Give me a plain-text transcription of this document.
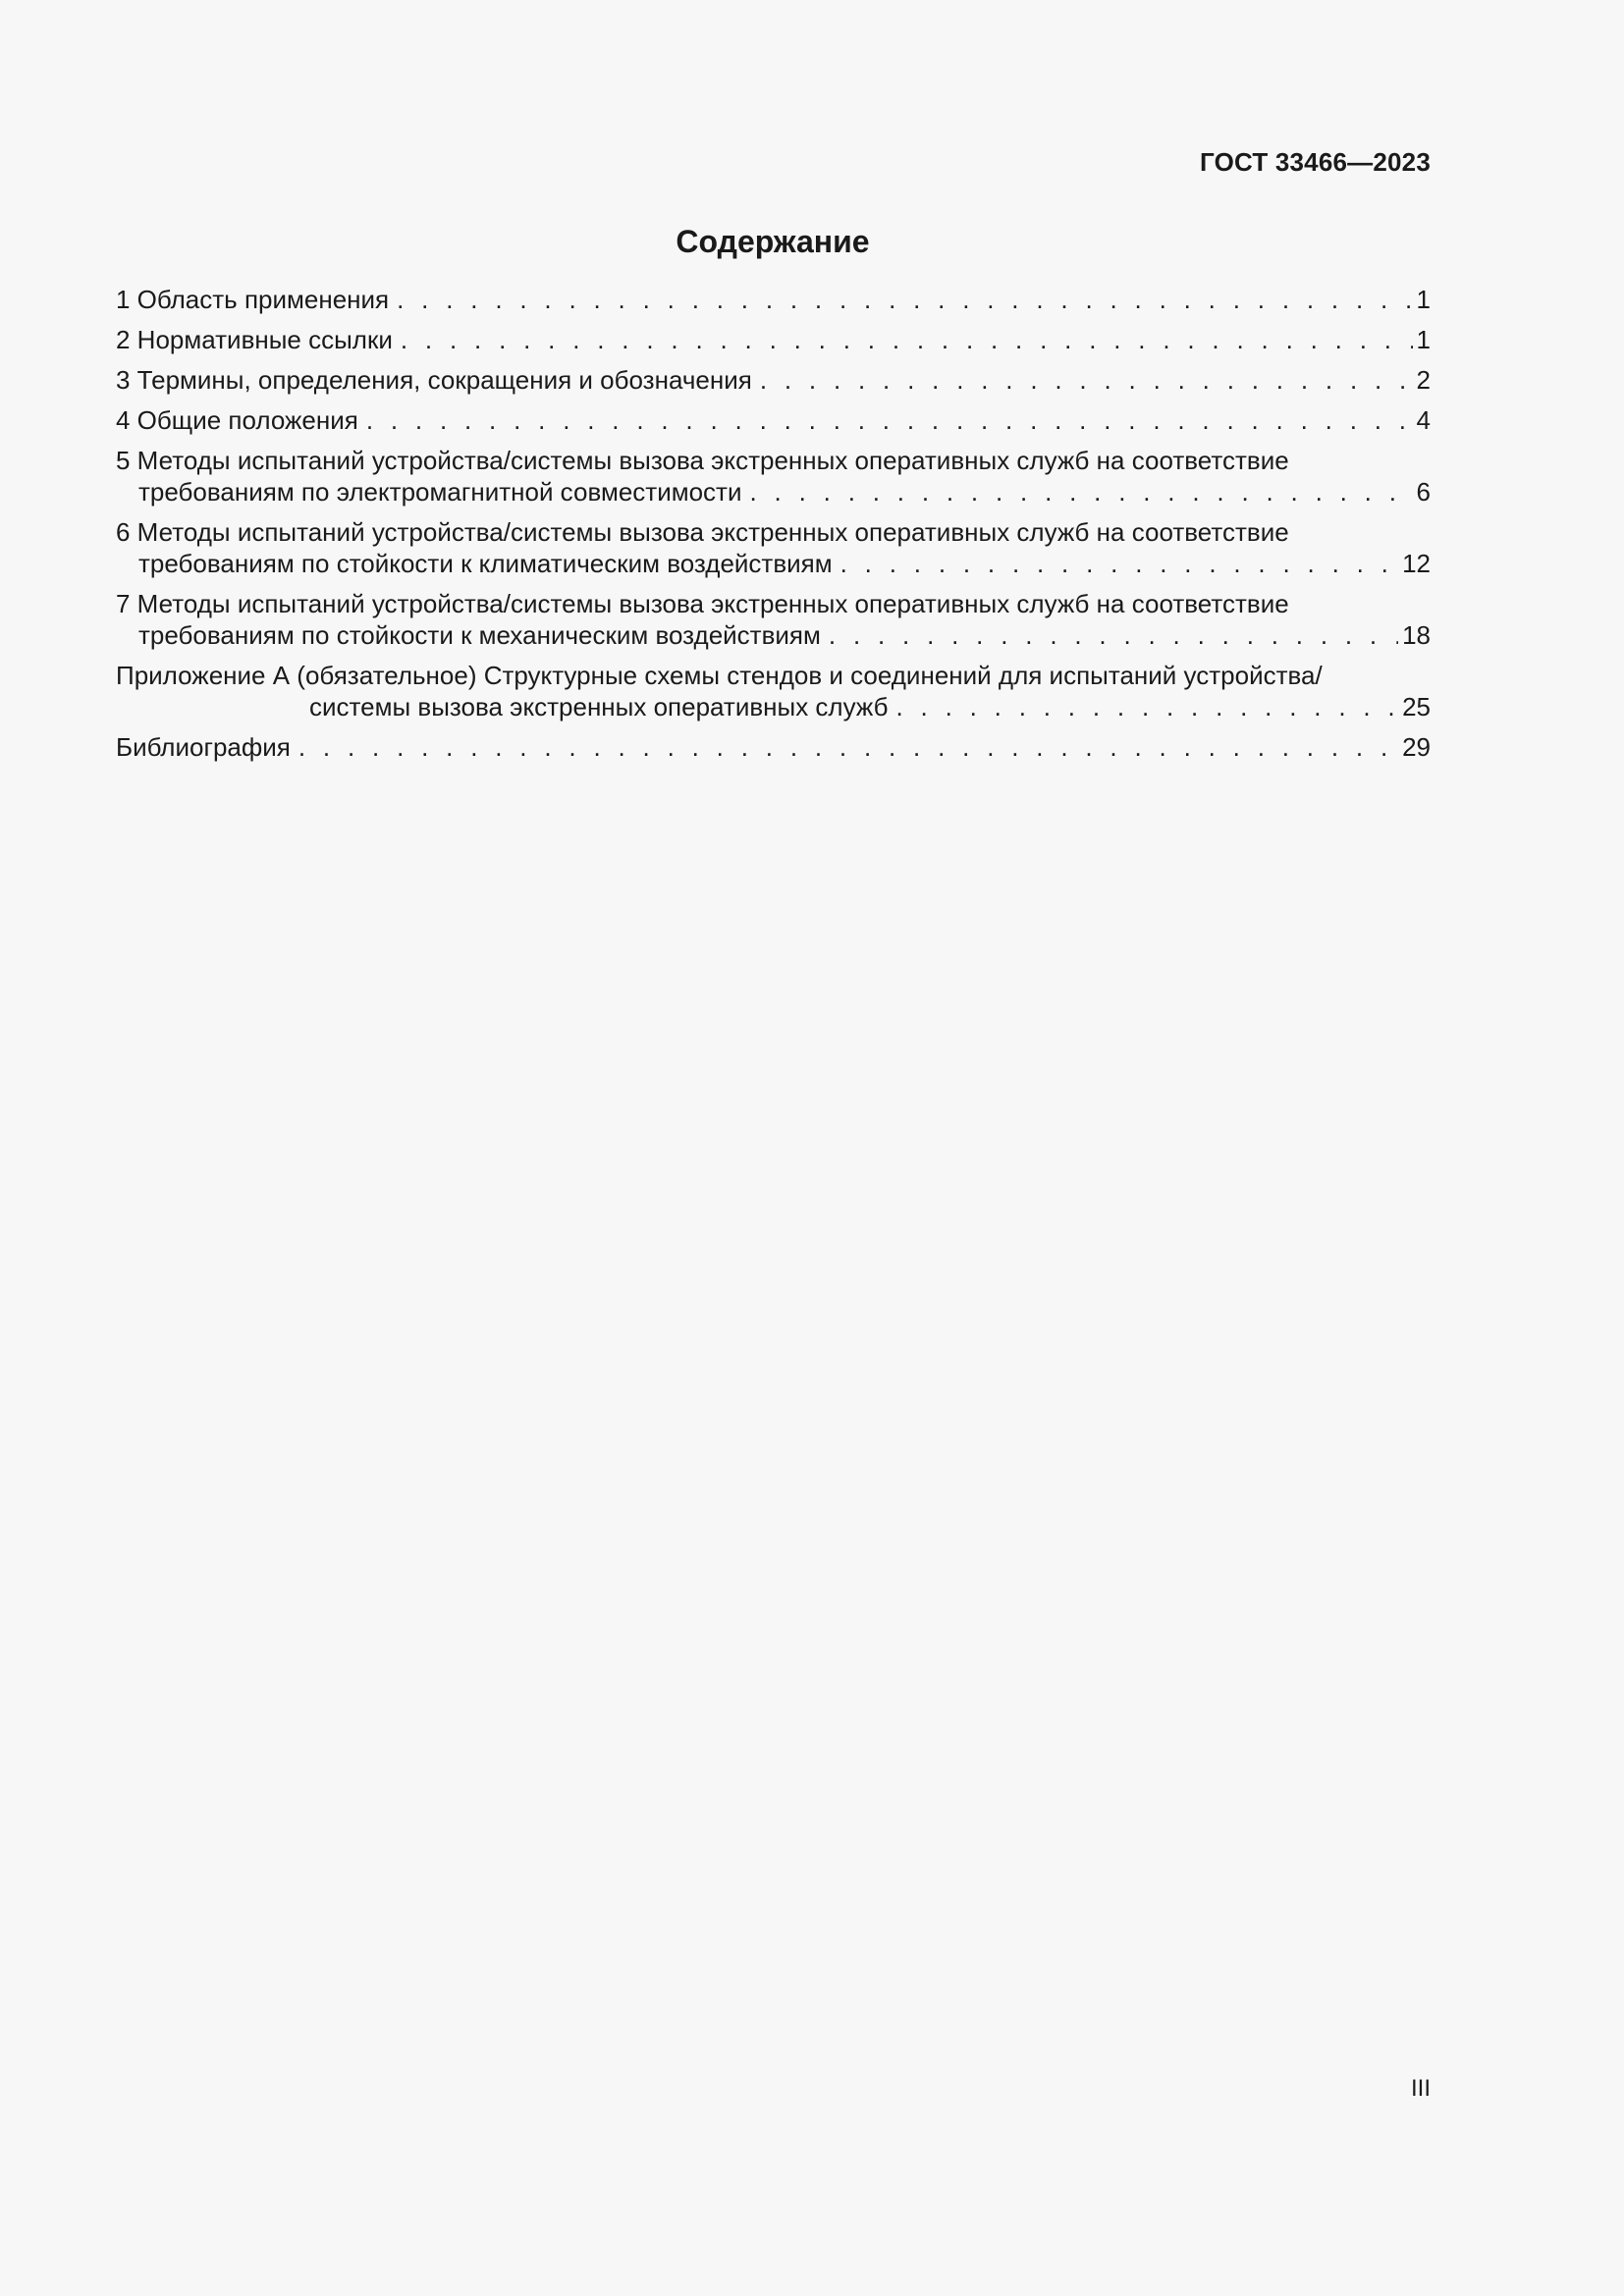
ГОСТ 33466—2023
Содержание
1 Область применения . . .	1
2 Нормативные ссылки . . .	1
3 Термины, определения, сокращения и обозначения . . .	2
4 Общие положения . . .	4
5 Методы испытаний устройства/системы вызова экстренных оперативных служб на соответствие
требованиям по электромагнитной совместимости . . .	6
6 Методы испытаний устройства/системы вызова экстренных оперативных служб на соответствие
требованиям по стойкости к климатическим воздействиям . . .	12
7 Методы испытаний устройства/системы вызова экстренных оперативных служб на соответствие
требованиям по стойкости к механическим воздействиям . . .	18
Приложение А (обязательное) Структурные схемы стендов и соединений для испытаний устройства/
системы вызова экстренных оперативных служб . . .	25
Библиография . . .	29
III
